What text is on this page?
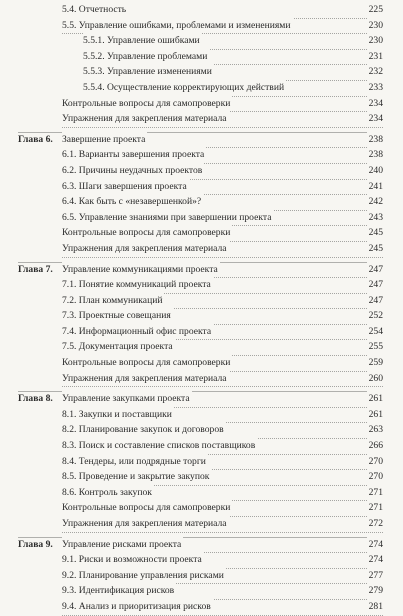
5.4. Отчетность	225
5.5. Управление ошибками, проблемами и изменениями	230
5.5.1. Управление ошибками	230
5.5.2. Управление проблемами	231
5.5.3. Управление изменениями	232
5.5.4. Осуществление корректирующих действий	233
Контрольные вопросы для самопроверки	234
Упражнения для закрепления материала	234
Глава 6. Завершение проекта	238
6.1. Варианты завершения проекта	238
6.2. Причины неудачных проектов	240
6.3. Шаги завершения проекта	241
6.4. Как быть с «незавершенкой»?	242
6.5. Управление знаниями при завершении проекта	243
Контрольные вопросы для самопроверки	245
Упражнения для закрепления материала	245
Глава 7. Управление коммуникациями проекта	247
7.1. Понятие коммуникаций проекта	247
7.2. План коммуникаций	247
7.3. Проектные совещания	252
7.4. Информационный офис проекта	254
7.5. Документация проекта	255
Контрольные вопросы для самопроверки	259
Упражнения для закрепления материала	260
Глава 8. Управление закупками проекта	261
8.1. Закупки и поставщики	261
8.2. Планирование закупок и договоров	263
8.3. Поиск и составление списков поставщиков	266
8.4. Тендеры, или подрядные торги	270
8.5. Проведение и закрытие закупок	270
8.6. Контроль закупок	271
Контрольные вопросы для самопроверки	271
Упражнения для закрепления материала	272
Глава 9. Управление рисками проекта	274
9.1. Риски и возможности проекта	274
9.2. Планирование управления рисками	277
9.3. Идентификация рисков	279
9.4. Анализ и приоритизация рисков	281
